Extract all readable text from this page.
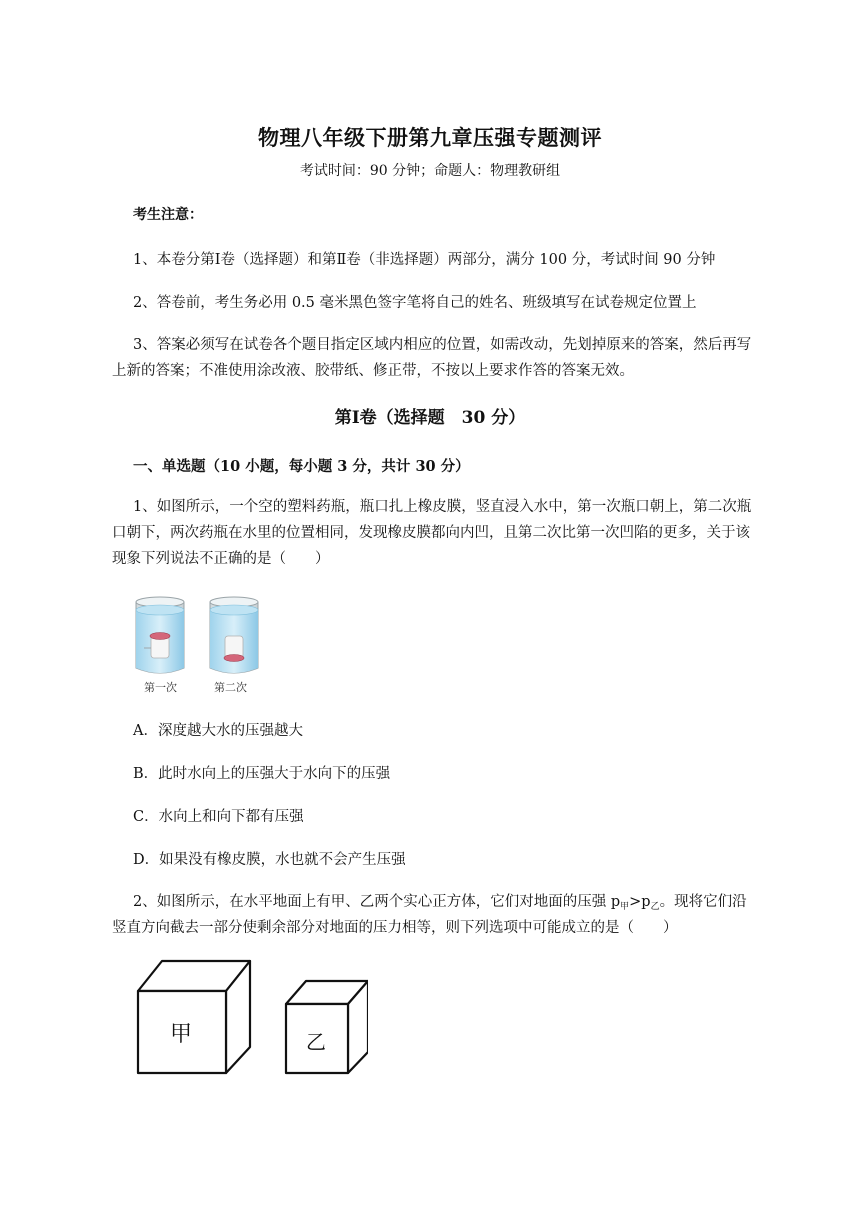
物理八年级下册第九章压强专题测评
考试时间：90 分钟；命题人：物理教研组
考生注意：
1、本卷分第Ⅰ卷（选择题）和第Ⅱ卷（非选择题）两部分，满分 100 分，考试时间 90 分钟
2、答卷前，考生务必用 0.5 毫米黑色签字笔将自己的姓名、班级填写在试卷规定位置上
3、答案必须写在试卷各个题目指定区域内相应的位置，如需改动，先划掉原来的答案，然后再写
上新的答案；不准使用涂改液、胶带纸、修正带，不按以上要求作答的答案无效。
第Ⅰ卷（选择题　30 分）
一、单选题（10 小题，每小题 3 分，共计 30 分）
1、如图所示，一个空的塑料药瓶，瓶口扎上橡皮膜，竖直浸入水中，第一次瓶口朝上，第二次瓶
口朝下，两次药瓶在水里的位置相同，发现橡皮膜都向内凹，且第二次比第一次凹陷的更多，关于该
现象下列说法不正确的是（　　）
第一次	第二次
A．深度越大水的压强越大
B．此时水向上的压强大于水向下的压强
C．水向上和向下都有压强
D．如果没有橡皮膜，水也就不会产生压强
2、如图所示，在水平地面上有甲、乙两个实心正方体，它们对地面的压强 $p_甲>p_乙$。现将它们沿
竖直方向截去一部分使剩余部分对地面的压力相等，则下列选项中可能成立的是（　　）
甲	乙
